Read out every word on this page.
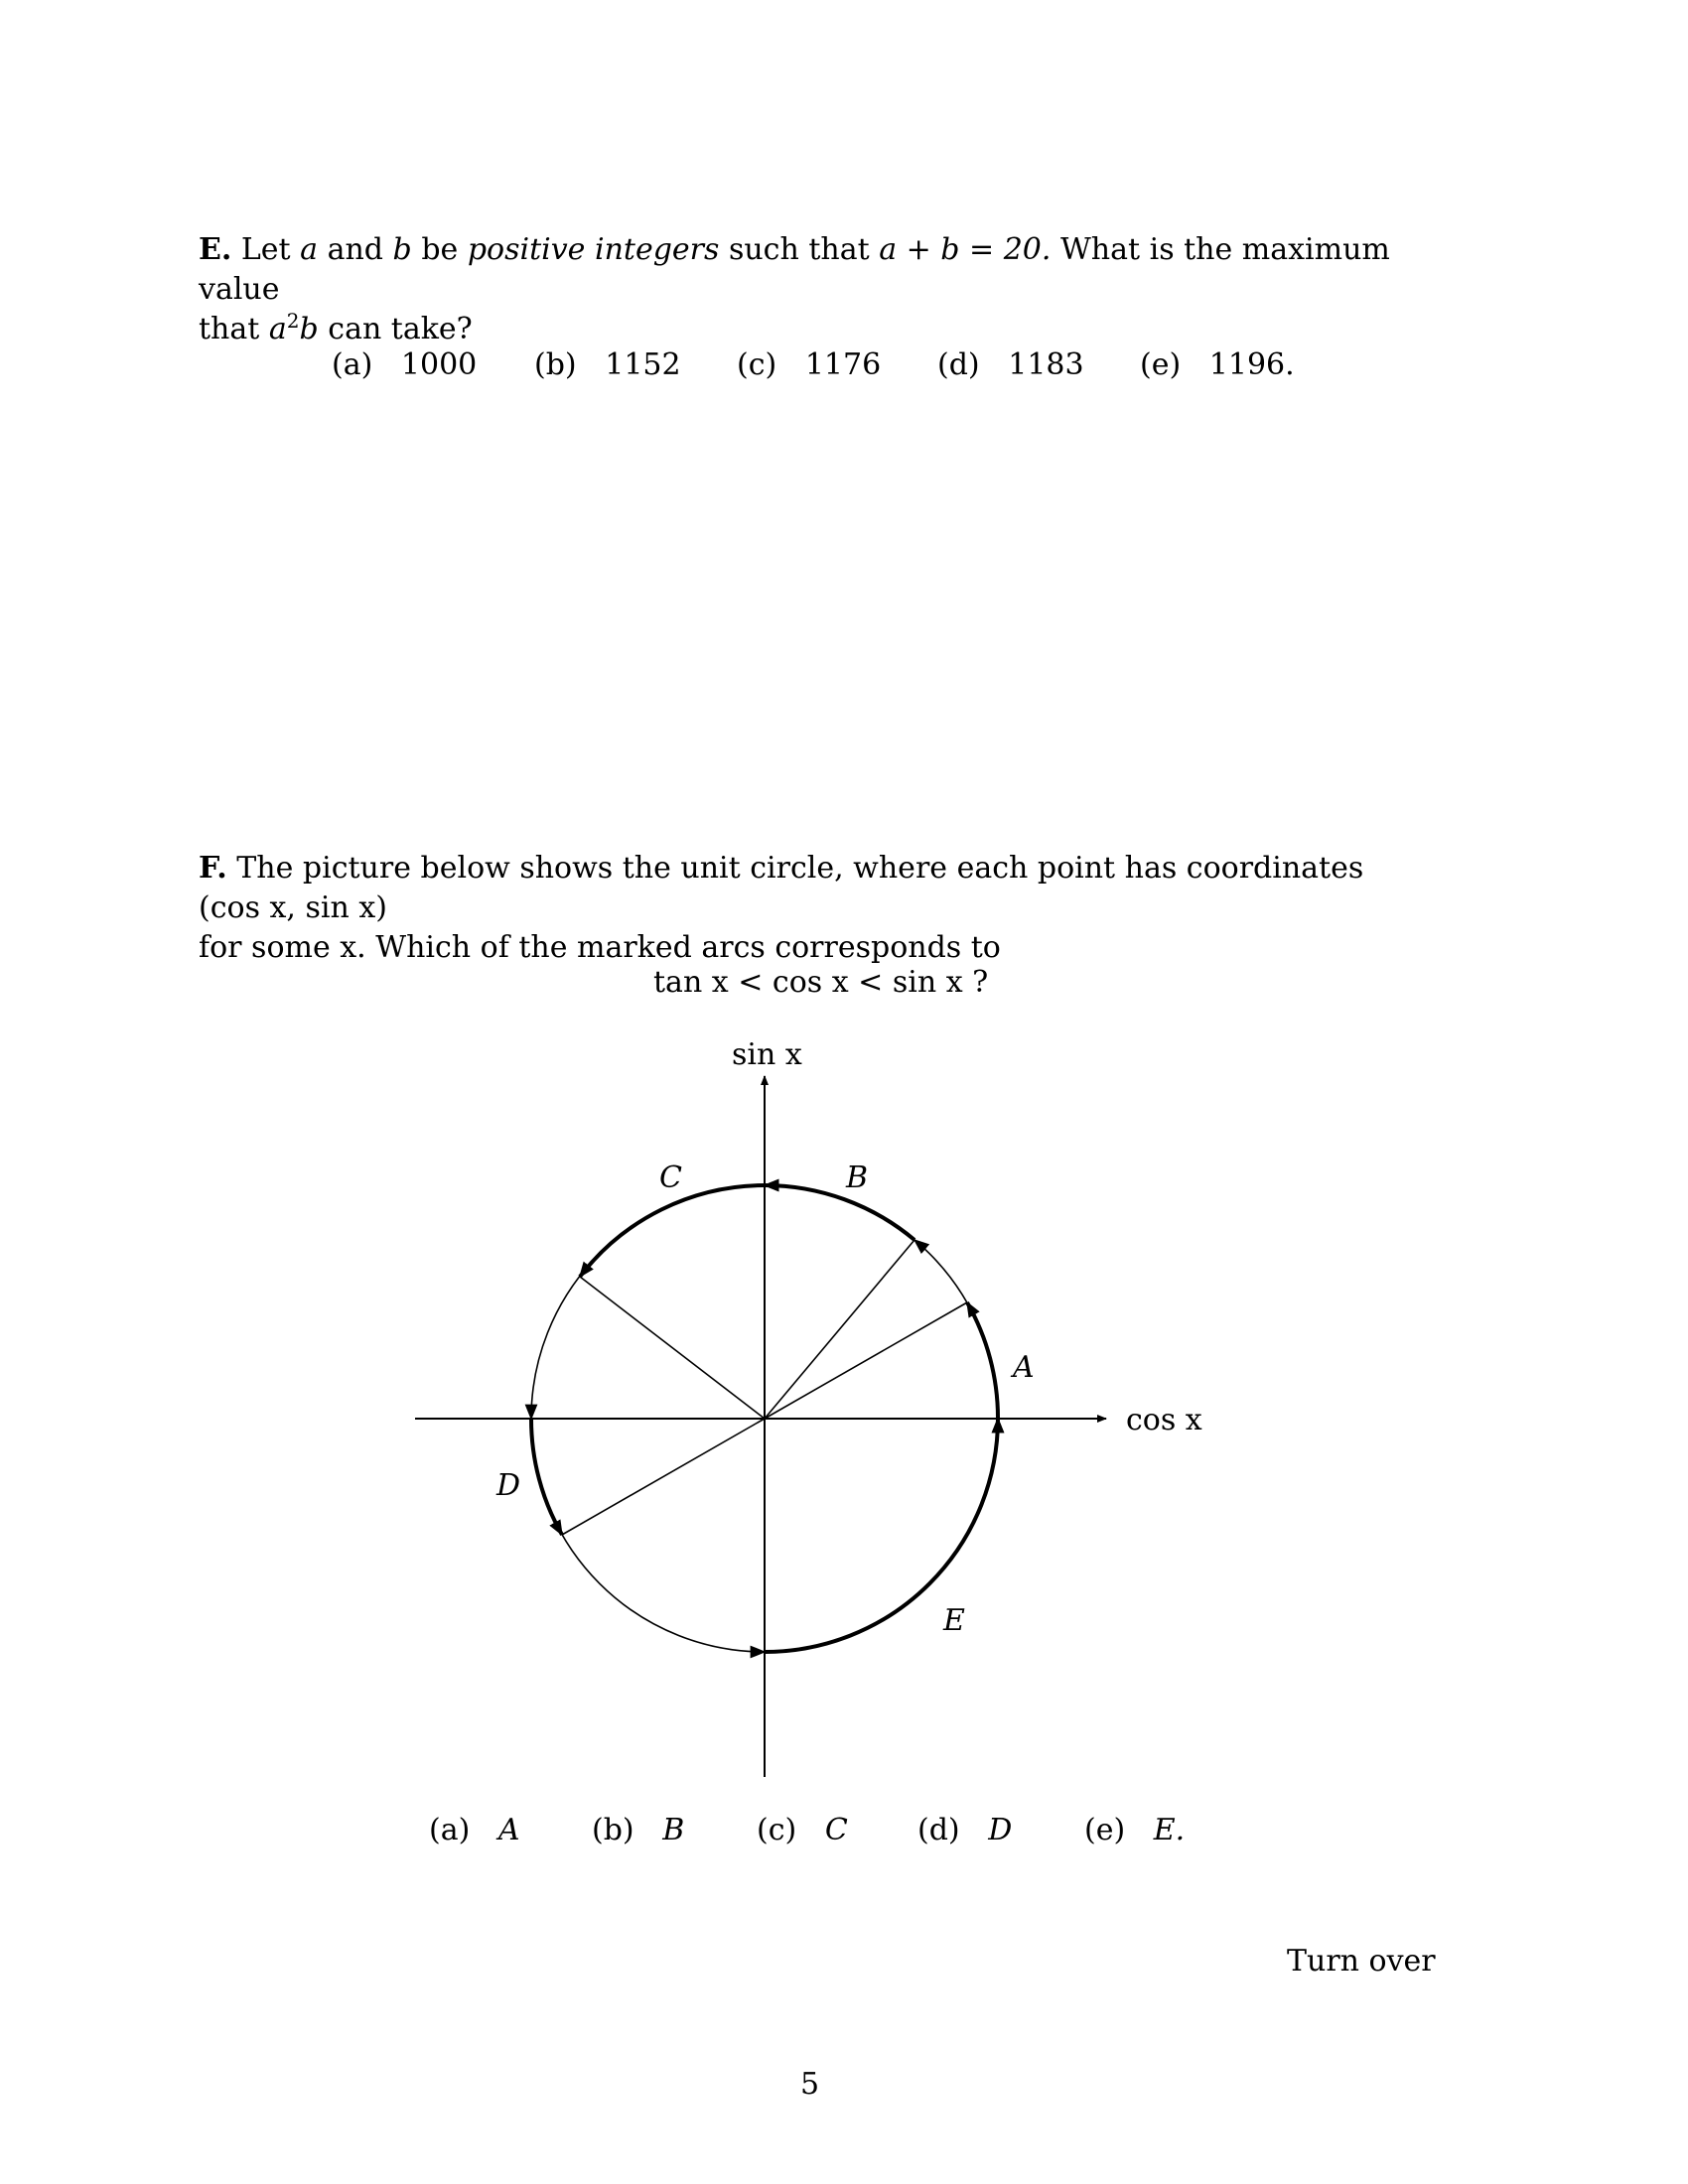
E. Let a and b be positive integers such that a + b = 20. What is the maximum value
that $a^2b$ can take?
(a) 1000 (b) 1152 (c) 1176 (d) 1183 (e) 1196.
F. The picture below shows the unit circle, where each point has coordinates (cos x, sin x)
for some x. Which of the marked arcs corresponds to
tan x < cos x < sin x ?
sin x
cos x
A
B
C
D
E
(a) A (b) B (c) C (d) D (e) E.
Turn over
5
